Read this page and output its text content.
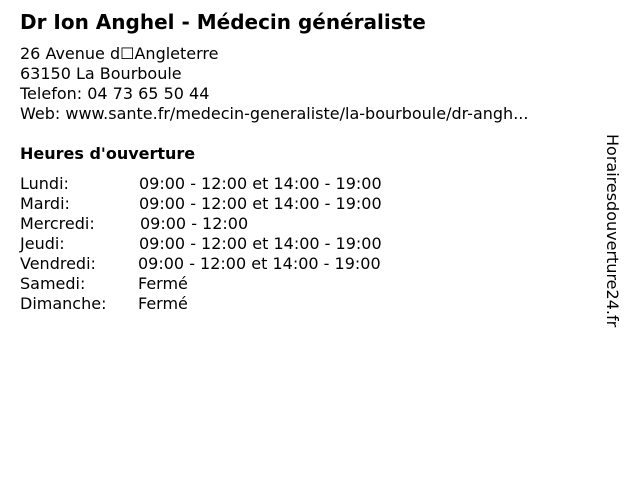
Dr Ion Anghel - Médecin généraliste
26 Avenue d☐Angleterre
63150 La Bourboule
Telefon: 04 73 65 50 44
Web: www.sante.fr/medecin-generaliste/la-bourboule/dr-angh...
Heures d'ouverture
Lundi:	09:00 - 12:00 et 14:00 - 19:00
Mardi:	09:00 - 12:00 et 14:00 - 19:00
Mercredi:	09:00 - 12:00
Jeudi:	09:00 - 12:00 et 14:00 - 19:00
Vendredi:	09:00 - 12:00 et 14:00 - 19:00
Samedi:	Fermé
Dimanche: Fermé	Horairesdouverture24.fr
